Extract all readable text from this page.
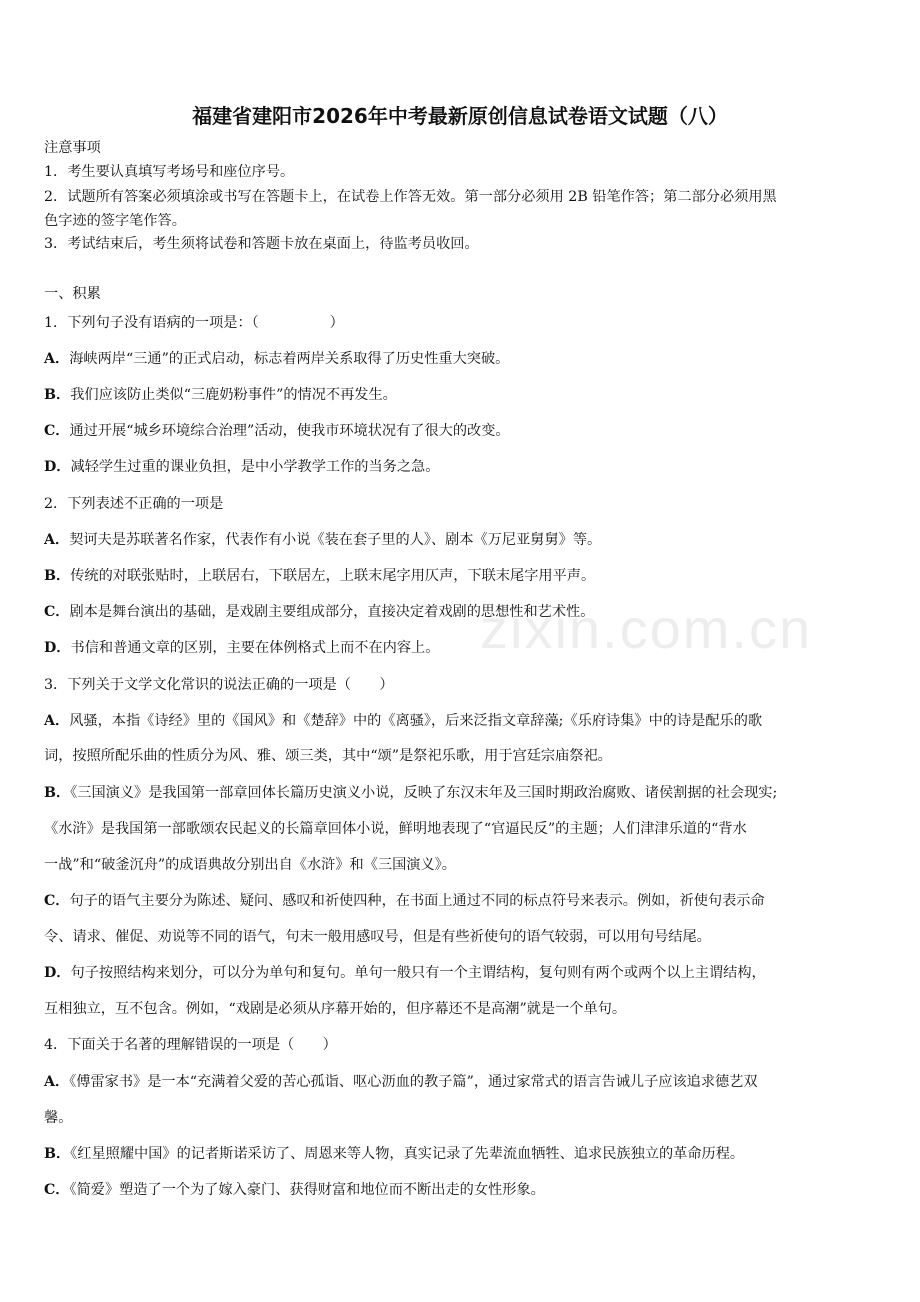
福建省建阳市2026年中考最新原创信息试卷语文试题（八）
注意事项
1．考生要认真填写考场号和座位序号。
2．试题所有答案必须填涂或书写在答题卡上，在试卷上作答无效。第一部分必须用 2B 铅笔作答；第二部分必须用黑
色字迹的签字笔作答。
3．考试结束后，考生须将试卷和答题卡放在桌面上，待监考员收回。
一、积累
1．下列句子没有语病的一项是：（　　　　　）
A．海峡两岸“三通”的正式启动，标志着两岸关系取得了历史性重大突破。
B．我们应该防止类似“三鹿奶粉事件”的情况不再发生。
C．通过开展“城乡环境综合治理”活动，使我市环境状况有了很大的改变。
D．减轻学生过重的课业负担，是中小学教学工作的当务之急。
2．下列表述不正确的一项是
A．契诃夫是苏联著名作家，代表作有小说《装在套子里的人》、剧本《万尼亚舅舅》等。
B．传统的对联张贴时，上联居右，下联居左，上联末尾字用仄声，下联末尾字用平声。
C．剧本是舞台演出的基础，是戏剧主要组成部分，直接决定着戏剧的思想性和艺术性。
D．书信和普通文章的区别，主要在体例格式上而不在内容上。
3．下列关于文学文化常识的说法正确的一项是（　　）
A．风骚，本指《诗经》里的《国风》和《楚辞》中的《离骚》，后来泛指文章辞藻;《乐府诗集》中的诗是配乐的歌
词，按照所配乐曲的性质分为风、雅、颂三类，其中“颂”是祭祀乐歌，用于宫廷宗庙祭祀。
B．《三国演义》是我国第一部章回体长篇历史演义小说，反映了东汉末年及三国时期政治腐败、诸侯割据的社会现实;
《水浒》是我国第一部歌颂农民起义的长篇章回体小说，鲜明地表现了“官逼民反”的主题；人们津津乐道的“背水
一战”和“破釜沉舟”的成语典故分别出自《水浒》和《三国演义》。
C．句子的语气主要分为陈述、疑问、感叹和祈使四种，在书面上通过不同的标点符号来表示。例如，祈使句表示命
令、请求、催促、劝说等不同的语气，句末一般用感叹号，但是有些祈使句的语气较弱，可以用句号结尾。
D．句子按照结构来划分，可以分为单句和复句。单句一般只有一个主谓结构，复句则有两个或两个以上主谓结构，
互相独立，互不包含。例如，“戏剧是必须从序幕开始的，但序幕还不是高潮”就是一个单句。
4．下面关于名著的理解错误的一项是（　　）
A．《傅雷家书》是一本“充满着父爱的苦心孤诣、呕心沥血的教子篇”，通过家常式的语言告诫儿子应该追求德艺双
馨。
B．《红星照耀中国》的记者斯诺采访了、周恩来等人物，真实记录了先辈流血牺牲、追求民族独立的革命历程。
C．《简爱》塑造了一个为了嫁入豪门、获得财富和地位而不断出走的女性形象。
zixin.com.cn
